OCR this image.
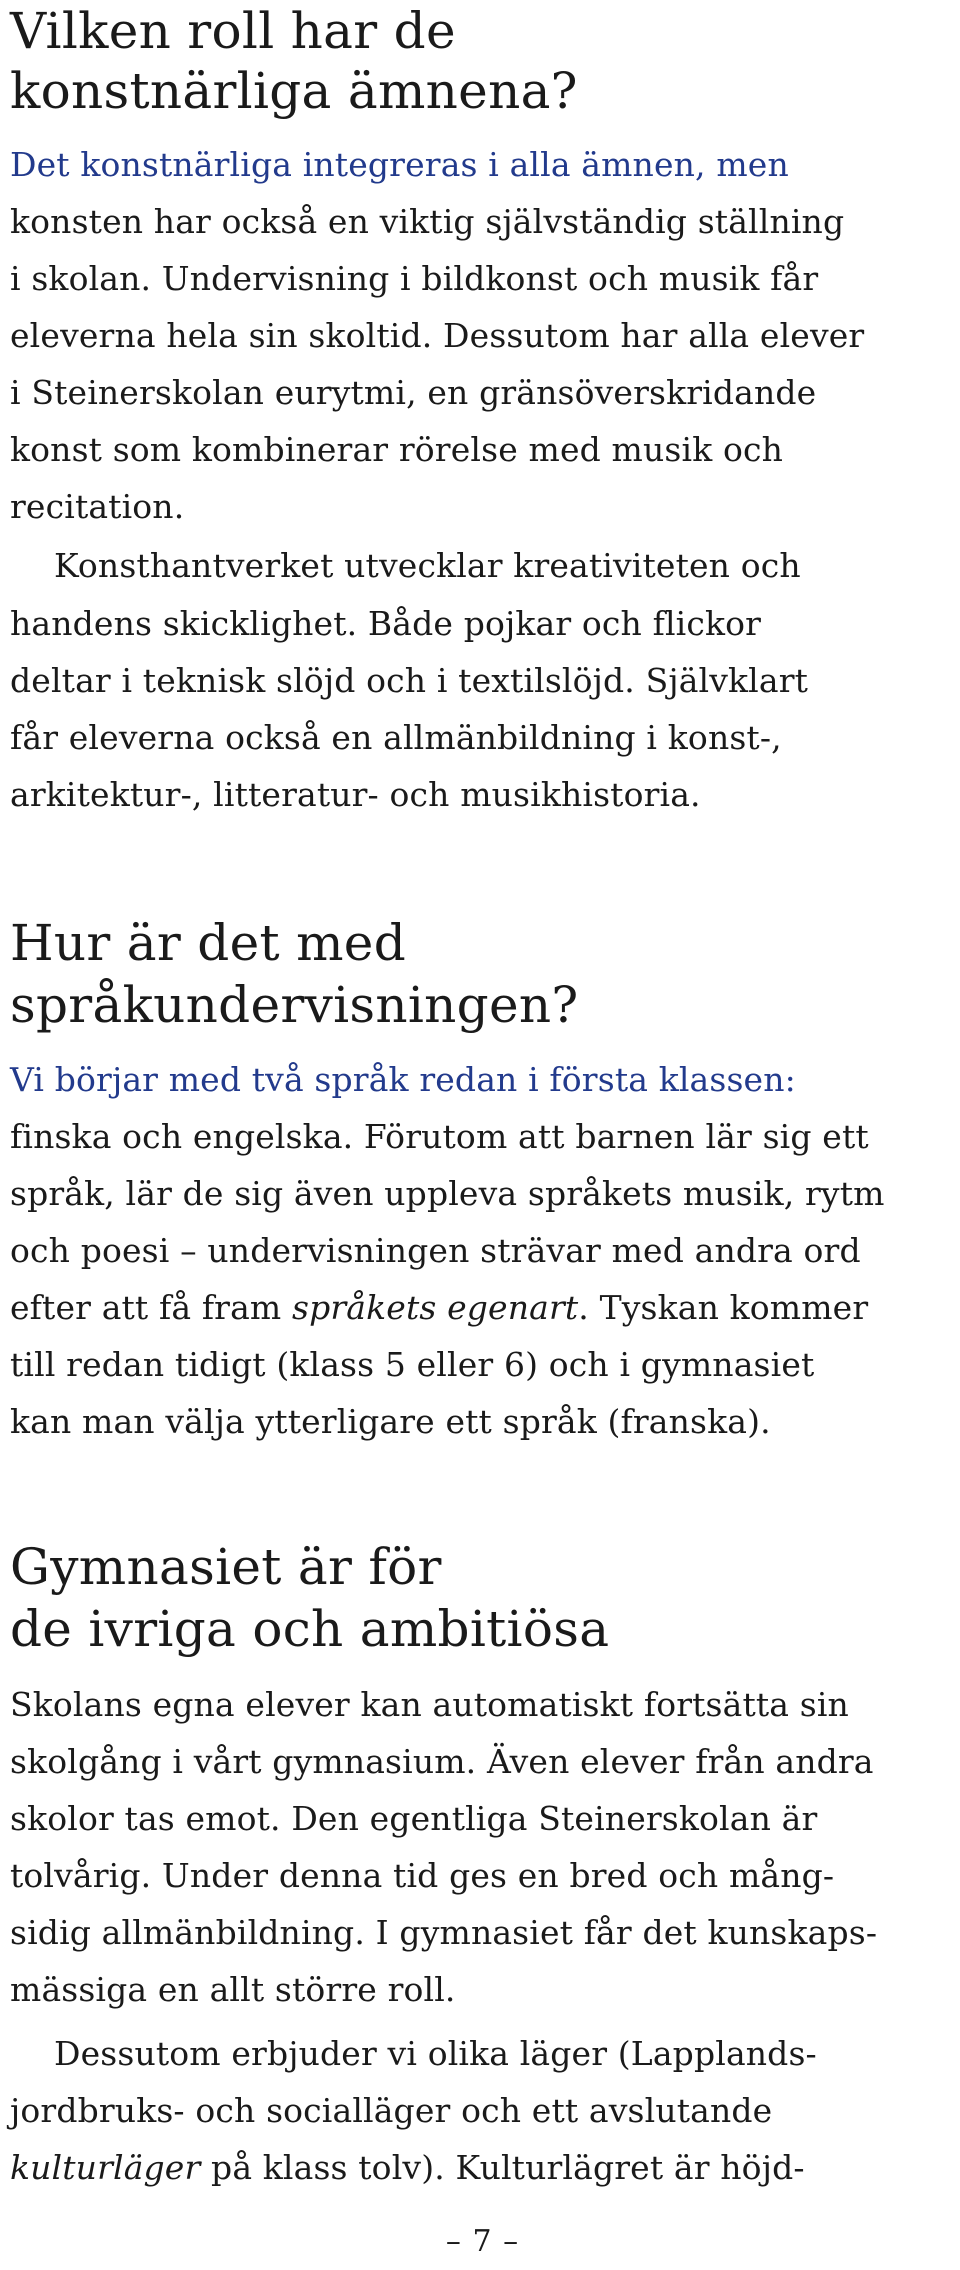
Vilken roll har de
konstnärliga ämnena?
Det konstnärliga integreras i alla ämnen, men
konsten har också en viktig självständig ställning
i skolan. Undervisning i bildkonst och musik får
eleverna hela sin skoltid. Dessutom har alla elever
i Steinerskolan eurytmi, en gränsöverskridande
konst som kombinerar rörelse med musik och
recitation.
Konsthantverket utvecklar kreativiteten och
handens skicklighet. Både pojkar och flickor
deltar i teknisk slöjd och i textilslöjd. Självklart
får eleverna också en allmänbildning i konst-,
arkitektur-, litteratur- och musikhistoria.
Hur är det med
språkundervisningen?
Vi börjar med två språk redan i första klassen:
finska och engelska. Förutom att barnen lär sig ett
språk, lär de sig även uppleva språkets musik, rytm
och poesi – undervisningen strävar med andra ord
efter att få fram språkets egenart. Tyskan kommer
till redan tidigt (klass 5 eller 6) och i gymnasiet
kan man välja ytterligare ett språk (franska).
Gymnasiet är för
de ivriga och ambitiösa
Skolans egna elever kan automatiskt fortsätta sin
skolgång i vårt gymnasium. Även elever från andra
skolor tas emot. Den egentliga Steinerskolan är
tolvårig. Under denna tid ges en bred och mång-
sidig allmänbildning. I gymnasiet får det kunskaps-
mässiga en allt större roll.
Dessutom erbjuder vi olika läger (Lapplands-
jordbruks- och socialläger och ett avslutande
kulturläger på klass tolv). Kulturlägret är höjd-
– 7 –
